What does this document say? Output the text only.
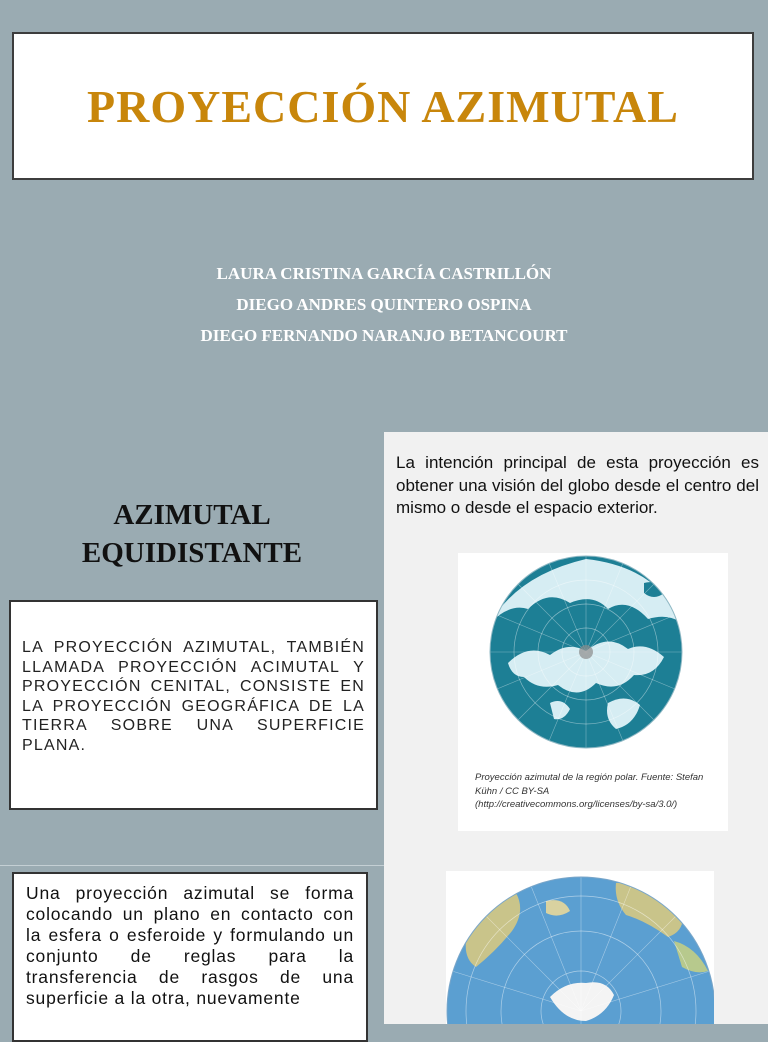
PROYECCIÓN AZIMUTAL
LAURA CRISTINA GARCÍA CASTRILLÓN
DIEGO ANDRES QUINTERO OSPINA
DIEGO FERNANDO NARANJO BETANCOURT
AZIMUTAL
EQUIDISTANTE
LA PROYECCIÓN AZIMUTAL, TAMBIÉN LLAMADA PROYECCIÓN ACIMUTAL Y PROYECCIÓN CENITAL, CONSISTE EN LA PROYECCIÓN GEOGRÁFICA DE LA TIERRA SOBRE UNA SUPERFICIE PLANA.
Una proyección azimutal se forma colocando un plano en contacto con la esfera o esferoide y formulando un conjunto de reglas para la transferencia de rasgos de una superficie a la otra, nuevamente
La intención principal de esta proyección es obtener una visión del globo desde el centro del mismo o desde el espacio exterior.
Proyección azimutal de la región polar. Fuente: Stefan Kühn / CC BY-SA (http://creativecommons.org/licenses/by-sa/3.0/)
